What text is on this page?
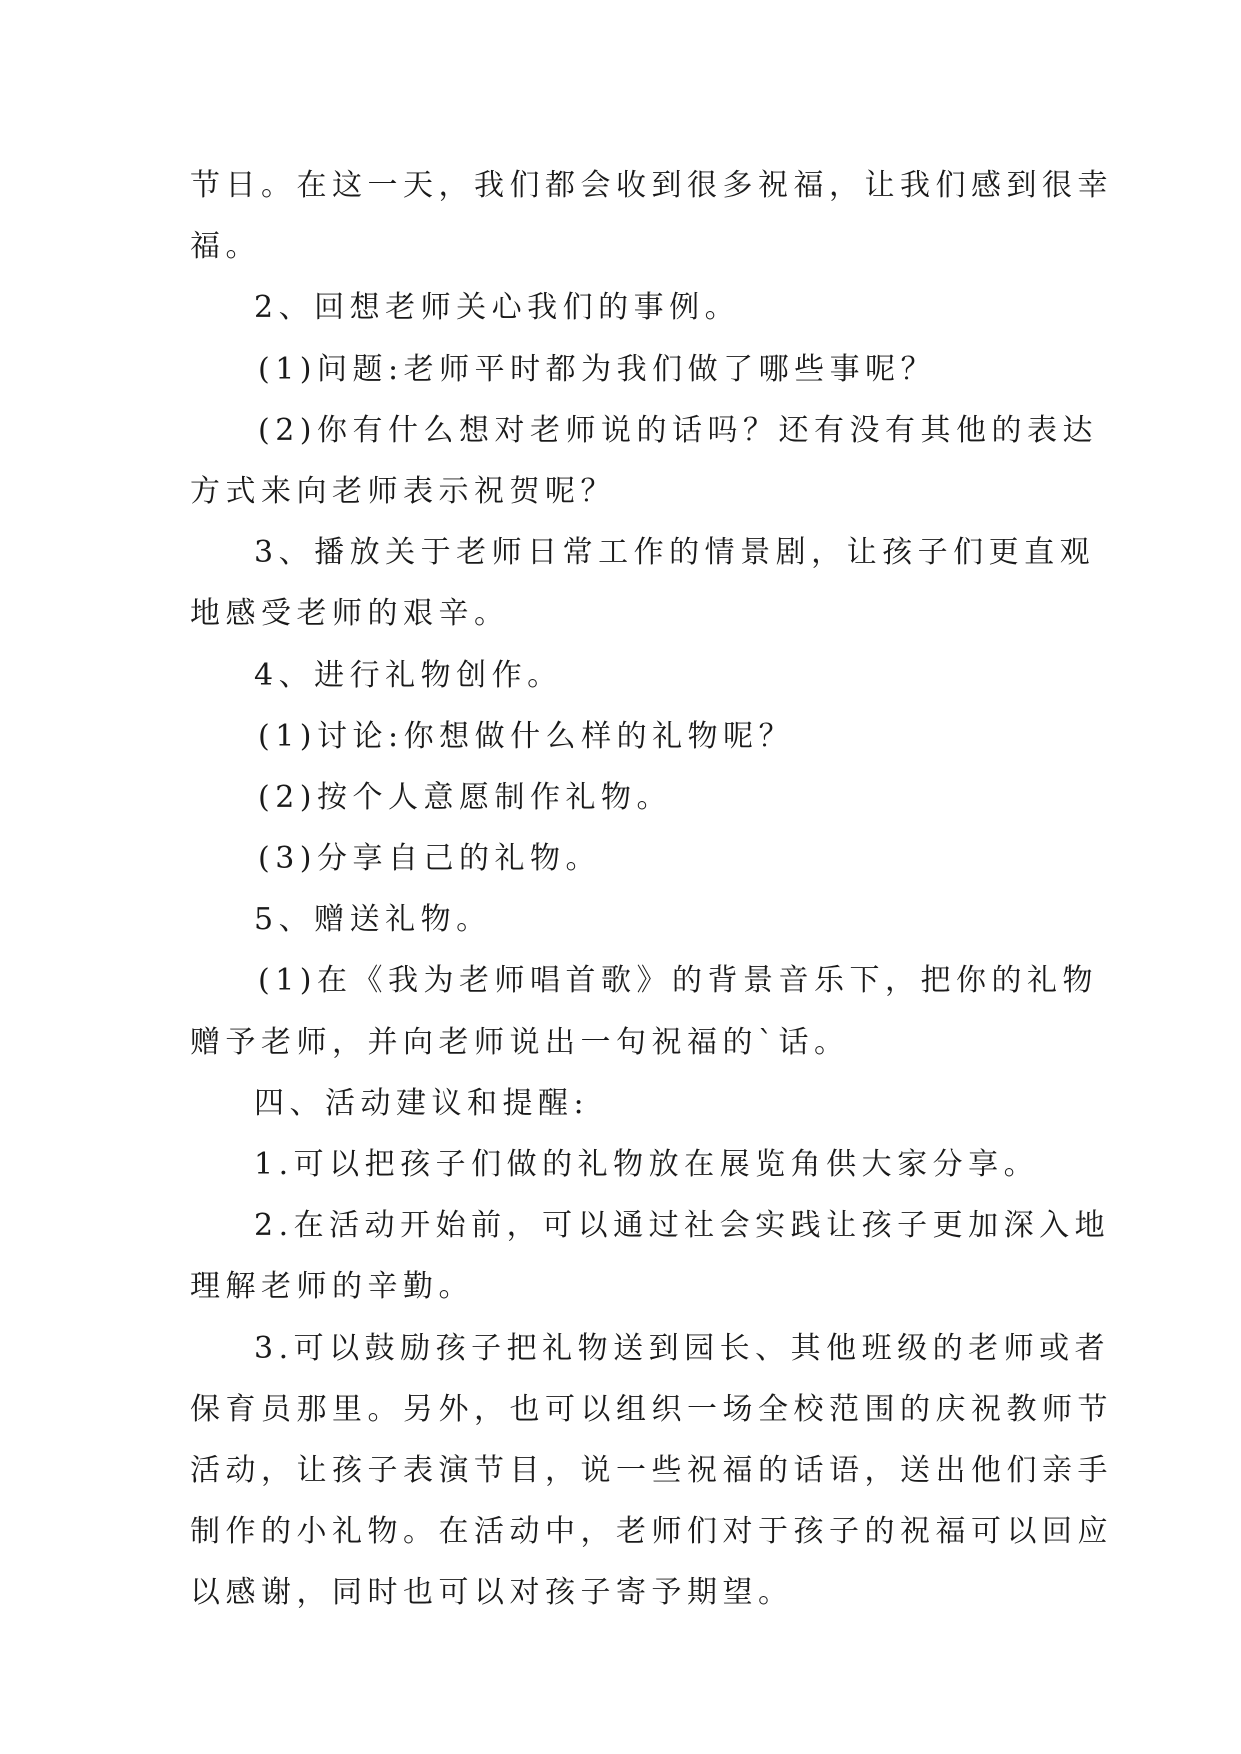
节日。在这一天，我们都会收到很多祝福，让我们感到很幸
福。
2、回想老师关心我们的事例。
(1)问题:老师平时都为我们做了哪些事呢？
(2)你有什么想对老师说的话吗？还有没有其他的表达
方式来向老师表示祝贺呢？
3、播放关于老师日常工作的情景剧，让孩子们更直观
地感受老师的艰辛。
4、进行礼物创作。
(1)讨论:你想做什么样的礼物呢？
(2)按个人意愿制作礼物。
(3)分享自己的礼物。
5、赠送礼物。
(1)在《我为老师唱首歌》的背景音乐下，把你的礼物
赠予老师，并向老师说出一句祝福的`话。
四、活动建议和提醒:
1.可以把孩子们做的礼物放在展览角供大家分享。
2.在活动开始前，可以通过社会实践让孩子更加深入地
理解老师的辛勤。
3.可以鼓励孩子把礼物送到园长、其他班级的老师或者
保育员那里。另外，也可以组织一场全校范围的庆祝教师节
活动，让孩子表演节目，说一些祝福的话语，送出他们亲手
制作的小礼物。在活动中，老师们对于孩子的祝福可以回应
以感谢，同时也可以对孩子寄予期望。
